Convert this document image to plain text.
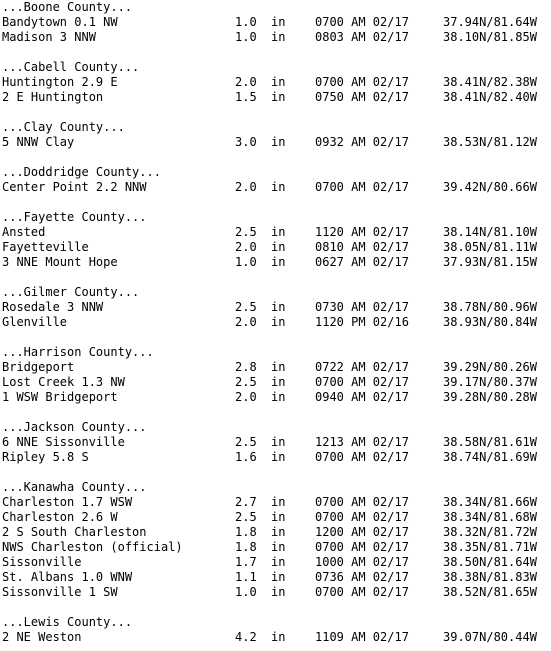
...Boone County...
Bandytown 0.1 NW	1.0 in 0700 AM 02/17	37.94N/81.64W
Madison 3 NNW	1.0 in 0803 AM 02/17	38.10N/81.85W
...Cabell County...
Huntington 2.9 E	2.0 in 0700 AM 02/17	38.41N/82.38W
2 E Huntington	1.5 in 0750 AM 02/17	38.41N/82.40W
...Clay County...
5 NNW Clay	3.0 in 0932 AM 02/17	38.53N/81.12W
...Doddridge County...
Center Point 2.2 NNW	2.0 in 0700 AM 02/17	39.42N/80.66W
...Fayette County...
Ansted	2.5 in 1120 AM 02/17	38.14N/81.10W
Fayetteville	2.0 in 0810 AM 02/17	38.05N/81.11W
3 NNE Mount Hope	1.0 in 0627 AM 02/17	37.93N/81.15W
...Gilmer County...
Rosedale 3 NNW	2.5 in 0730 AM 02/17	38.78N/80.96W
Glenville	2.0 in 1120 PM 02/16	38.93N/80.84W
...Harrison County...
Bridgeport	2.8 in 0722 AM 02/17	39.29N/80.26W
Lost Creek 1.3 NW	2.5 in 0700 AM 02/17	39.17N/80.37W
1 WSW Bridgeport	2.0 in 0940 AM 02/17	39.28N/80.28W
...Jackson County...
6 NNE Sissonville	2.5 in 1213 AM 02/17	38.58N/81.61W
Ripley 5.8 S	1.6 in 0700 AM 02/17	38.74N/81.69W
...Kanawha County...
Charleston 1.7 WSW	2.7 in 0700 AM 02/17	38.34N/81.66W
Charleston 2.6 W	2.5 in 0700 AM 02/17	38.34N/81.68W
2 S South Charleston	1.8 in 1200 AM 02/17	38.32N/81.72W
NWS Charleston (official)	1.8 in 0700 AM 02/17	38.35N/81.71W
Sissonville	1.7 in 1000 AM 02/17	38.50N/81.64W
St. Albans 1.0 WNW	1.1 in 0736 AM 02/17	38.38N/81.83W
Sissonville 1 SW	1.0 in 0700 AM 02/17	38.52N/81.65W
...Lewis County...
2 NE Weston	4.2 in 1109 AM 02/17	39.07N/80.44W
